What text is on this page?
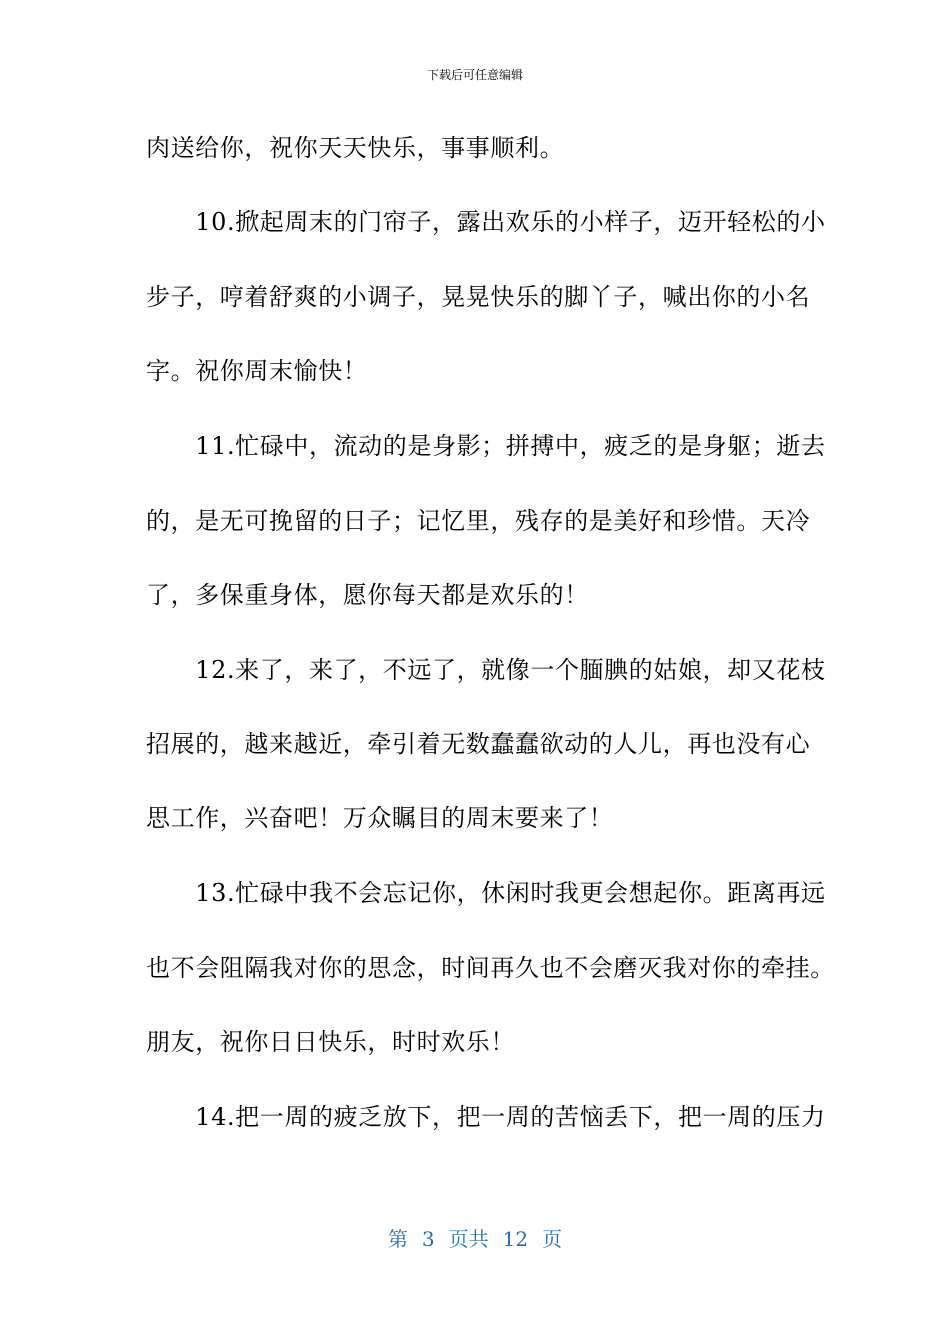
下载后可任意编辑
肉送给你，祝你天天快乐，事事顺利。
　　10.掀起周末的门帘子，露出欢乐的小样子，迈开轻松的小
步子，哼着舒爽的小调子，晃晃快乐的脚丫子，喊出你的小名
字。祝你周末愉快！
　　11.忙碌中，流动的是身影；拼搏中，疲乏的是身躯；逝去
的，是无可挽留的日子；记忆里，残存的是美好和珍惜。天冷
了，多保重身体，愿你每天都是欢乐的！
　　12.来了，来了，不远了，就像一个腼腆的姑娘，却又花枝
招展的，越来越近，牵引着无数蠢蠢欲动的人儿，再也没有心
思工作，兴奋吧！万众瞩目的周末要来了！
　　13.忙碌中我不会忘记你，休闲时我更会想起你。距离再远
也不会阻隔我对你的思念，时间再久也不会磨灭我对你的牵挂。
朋友，祝你日日快乐，时时欢乐！
　　14.把一周的疲乏放下，把一周的苦恼丢下，把一周的压力
第 3 页共 12 页
